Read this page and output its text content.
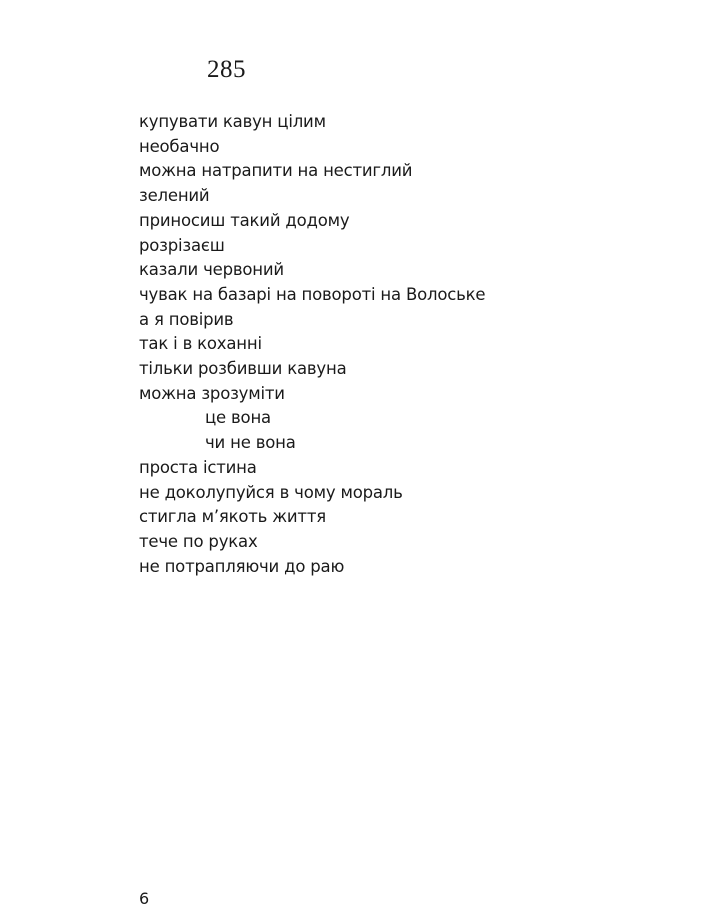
285
купувати кавун цілим
необачно
можна натрапити на нестиглий
зелений
приносиш такий додому
розрізаєш
казали червоний
чувак на базарі на повороті на Волоське
а я повірив
так і в коханні
тільки розбивши кавуна
можна зрозуміти
це вона
чи не вона
проста істина
не доколупуйся в чому мораль
стигла м’якоть життя
тече по руках
не потрапляючи до раю
6
